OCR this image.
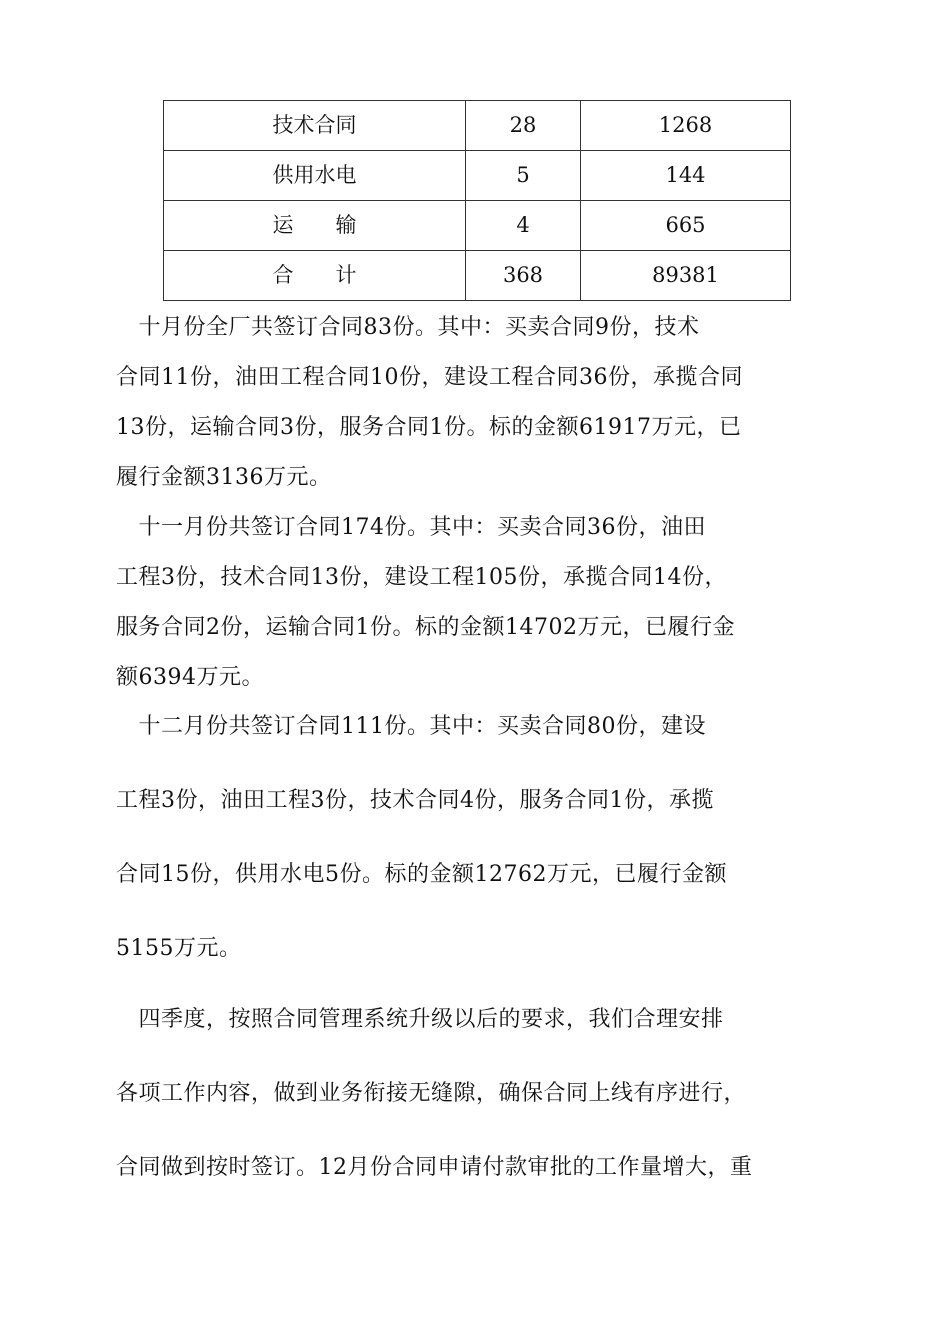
技术合同	28	1268
供用水电	5	144
运　　输	4	665
合　　计	368	89381

　十月份全厂共签订合同83份。其中：买卖合同9份，技术
合同11份，油田工程合同10份，建设工程合同36份，承揽合同
13份，运输合同3份，服务合同1份。标的金额61917万元，已
履行金额3136万元。

　十一月份共签订合同174份。其中：买卖合同36份，油田
工程3份，技术合同13份，建设工程105份，承揽合同14份，
服务合同2份，运输合同1份。标的金额14702万元，已履行金
额6394万元。

　十二月份共签订合同111份。其中：买卖合同80份，建设
工程3份，油田工程3份，技术合同4份，服务合同1份，承揽
合同15份，供用水电5份。标的金额12762万元，已履行金额
5155万元。

　四季度，按照合同管理系统升级以后的要求，我们合理安排
各项工作内容，做到业务衔接无缝隙，确保合同上线有序进行，
合同做到按时签订。12月份合同申请付款审批的工作量增大，重
